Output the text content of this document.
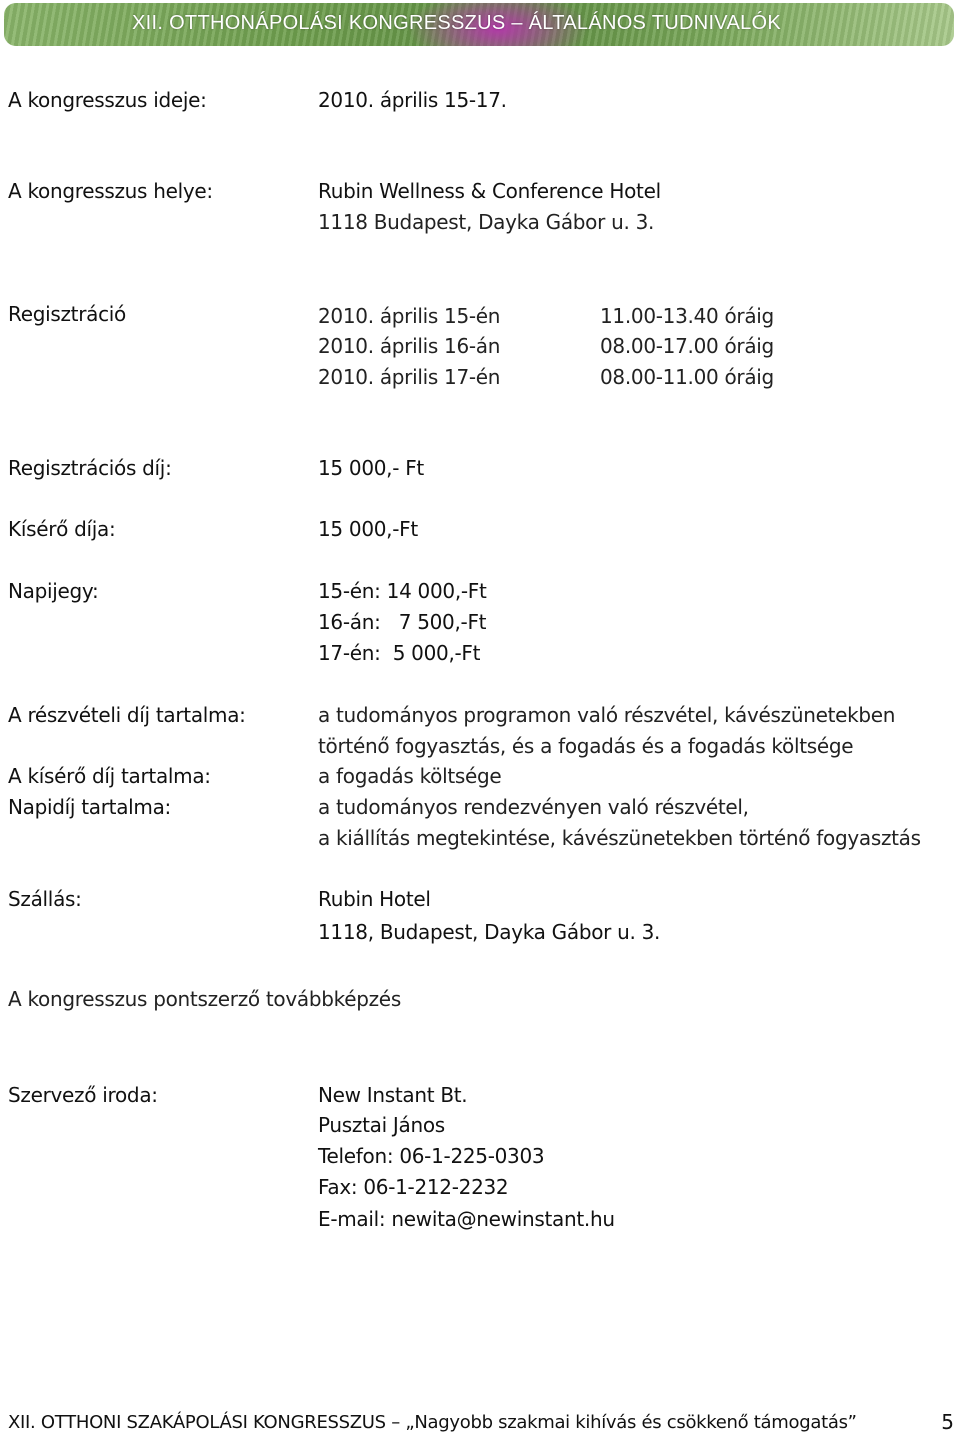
XII. OTTHONÁPOLÁSI KONGRESSZUS – ÁLTALÁNOS TUDNIVALÓK
A kongresszus ideje:	2010. április 15-17.
A kongresszus helye:	Rubin Wellness & Conference Hotel
1118 Budapest, Dayka Gábor u. 3.
Regisztráció	2010. április 15-én	11.00-13.40 óráig
2010. április 16-án	08.00-17.00 óráig
2010. április 17-én	08.00-11.00 óráig
Regisztrációs díj:	15 000,- Ft
Kísérő díja:	15 000,-Ft
Napijegy:	15-én: 14 000,-Ft
16-án:   7 500,-Ft
17-én:  5 000,-Ft
A részvételi díj tartalma:	a tudományos programon való részvétel, kávészünetekben
történő fogyasztás, és a fogadás és a fogadás költsége
A kísérő díj tartalma:	a fogadás költsége
Napidíj tartalma:	a tudományos rendezvényen való részvétel,
a kiállítás megtekintése, kávészünetekben történő fogyasztás
Szállás:	Rubin Hotel
1118, Budapest, Dayka Gábor u. 3.
A kongresszus pontszerző továbbképzés
Szervező iroda:	New Instant Bt.
Pusztai János
Telefon: 06-1-225-0303
Fax: 06-1-212-2232
E-mail: newita@newinstant.hu
XII. OTTHONI SZAKÁPOLÁSI KONGRESSZUS – „Nagyobb szakmai kihívás és csökkenő támogatás”	5
